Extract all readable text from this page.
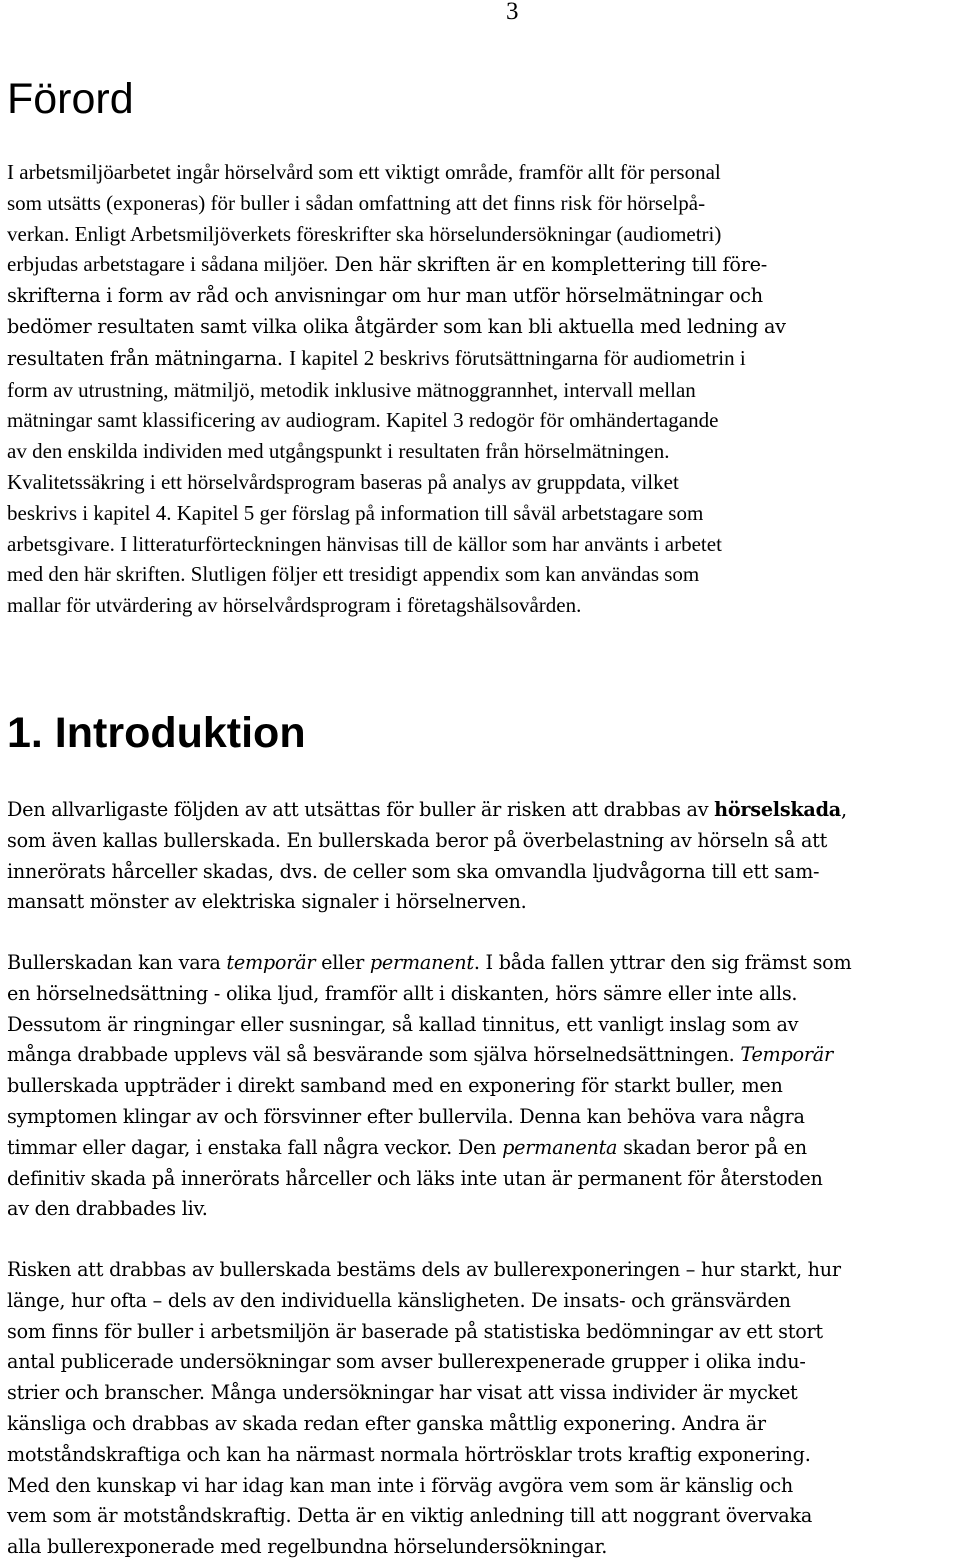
3
Förord
I arbetsmiljöarbetet ingår hörselvård som ett viktigt område, framför allt för personal
som utsätts (exponeras) för buller i sådan omfattning att det finns risk för hörselpå-
verkan. Enligt Arbetsmiljöverkets föreskrifter ska hörselundersökningar (audiometri)
erbjudas arbetstagare i sådana miljöer. Den här skriften är en komplettering till före-
skrifterna i form av råd och anvisningar om hur man utför hörselmätningar och
bedömer resultaten samt vilka olika åtgärder som kan bli aktuella med ledning av
resultaten från mätningarna. I kapitel 2 beskrivs förutsättningarna för audiometrin i
form av utrustning, mätmiljö, metodik inklusive mätnoggrannhet, intervall mellan
mätningar samt klassificering av audiogram. Kapitel 3 redogör för omhändertagande
av den enskilda individen med utgångspunkt i resultaten från hörselmätningen.
Kvalitetssäkring i ett hörselvårdsprogram baseras på analys av gruppdata, vilket
beskrivs i kapitel 4. Kapitel 5 ger förslag på information till såväl arbetstagare som
arbetsgivare. I litteraturförteckningen hänvisas till de källor som har använts i arbetet
med den här skriften. Slutligen följer ett tresidigt appendix som kan användas som
mallar för utvärdering av hörselvårdsprogram i företagshälsovården.
1. Introduktion
Den allvarligaste följden av att utsättas för buller är risken att drabbas av hörselskada,
som även kallas bullerskada. En bullerskada beror på överbelastning av hörseln så att
innerörats hårceller skadas, dvs. de celler som ska omvandla ljudvågorna till ett sam-
mansatt mönster av elektriska signaler i hörselnerven.
Bullerskadan kan vara temporär eller permanent. I båda fallen yttrar den sig främst som
en hörselnedsättning - olika ljud, framför allt i diskanten, hörs sämre eller inte alls.
Dessutom är ringningar eller susningar, så kallad tinnitus, ett vanligt inslag som av
många drabbade upplevs väl så besvärande som själva hörselnedsättningen. Temporär
bullerskada uppträder i direkt samband med en exponering för starkt buller, men
symptomen klingar av och försvinner efter bullervila. Denna kan behöva vara några
timmar eller dagar, i enstaka fall några veckor. Den permanenta skadan beror på en
definitiv skada på innerörats hårceller och läks inte utan är permanent för återstoden
av den drabbades liv.
Risken att drabbas av bullerskada bestäms dels av bullerexponeringen – hur starkt, hur
länge, hur ofta – dels av den individuella känsligheten. De insats- och gränsvärden
som finns för buller i arbetsmiljön är baserade på statistiska bedömningar av ett stort
antal publicerade undersökningar som avser bullerexpenerade grupper i olika indu-
strier och branscher. Många undersökningar har visat att vissa individer är mycket
känsliga och drabbas av skada redan efter ganska måttlig exponering. Andra är
motståndskraftiga och kan ha närmast normala hörtrösklar trots kraftig exponering.
Med den kunskap vi har idag kan man inte i förväg avgöra vem som är känslig och
vem som är motståndskraftig. Detta är en viktig anledning till att noggrant övervaka
alla bullerexponerade med regelbundna hörselundersökningar.
